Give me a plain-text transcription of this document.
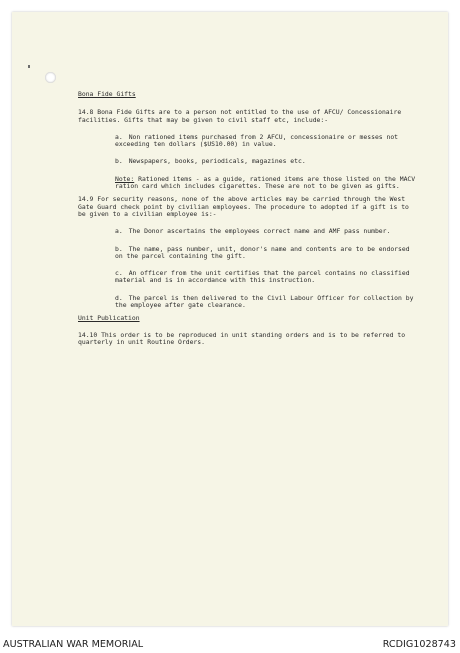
Bona Fide Gifts

14.8 Bona Fide Gifts are to a person not entitled to the use of AFCU/ Concessionaire facilities. Gifts that may be given to civil staff etc, include:-

a. Non rationed items purchased from 2 AFCU, concessionaire or messes not exceeding ten dollars ($US10.00) in value.

b. Newspapers, books, periodicals, magazines etc.

Note: Rationed items - as a guide, rationed items are those listed on the MACV ration card which includes cigarettes. These are not to be given as gifts.

14.9 For security reasons, none of the above articles may be carried through the West Gate Guard check point by civilian employees. The procedure to adopted if a gift is to be given to a civilian employee is:-

a. The Donor ascertains the employees correct name and AMF pass number.

b. The name, pass number, unit, donor's name and contents are to be endorsed on the parcel containing the gift.

c. An officer from the unit certifies that the parcel contains no classified material and is in accordance with this instruction.

d. The parcel is then delivered to the Civil Labour Officer for collection by the employee after gate clearance.

Unit Publication

14.10 This order is to be reproduced in unit standing orders and is to be referred to quarterly in unit Routine Orders.

AUSTRALIAN WAR MEMORIAL	RCDIG1028743
